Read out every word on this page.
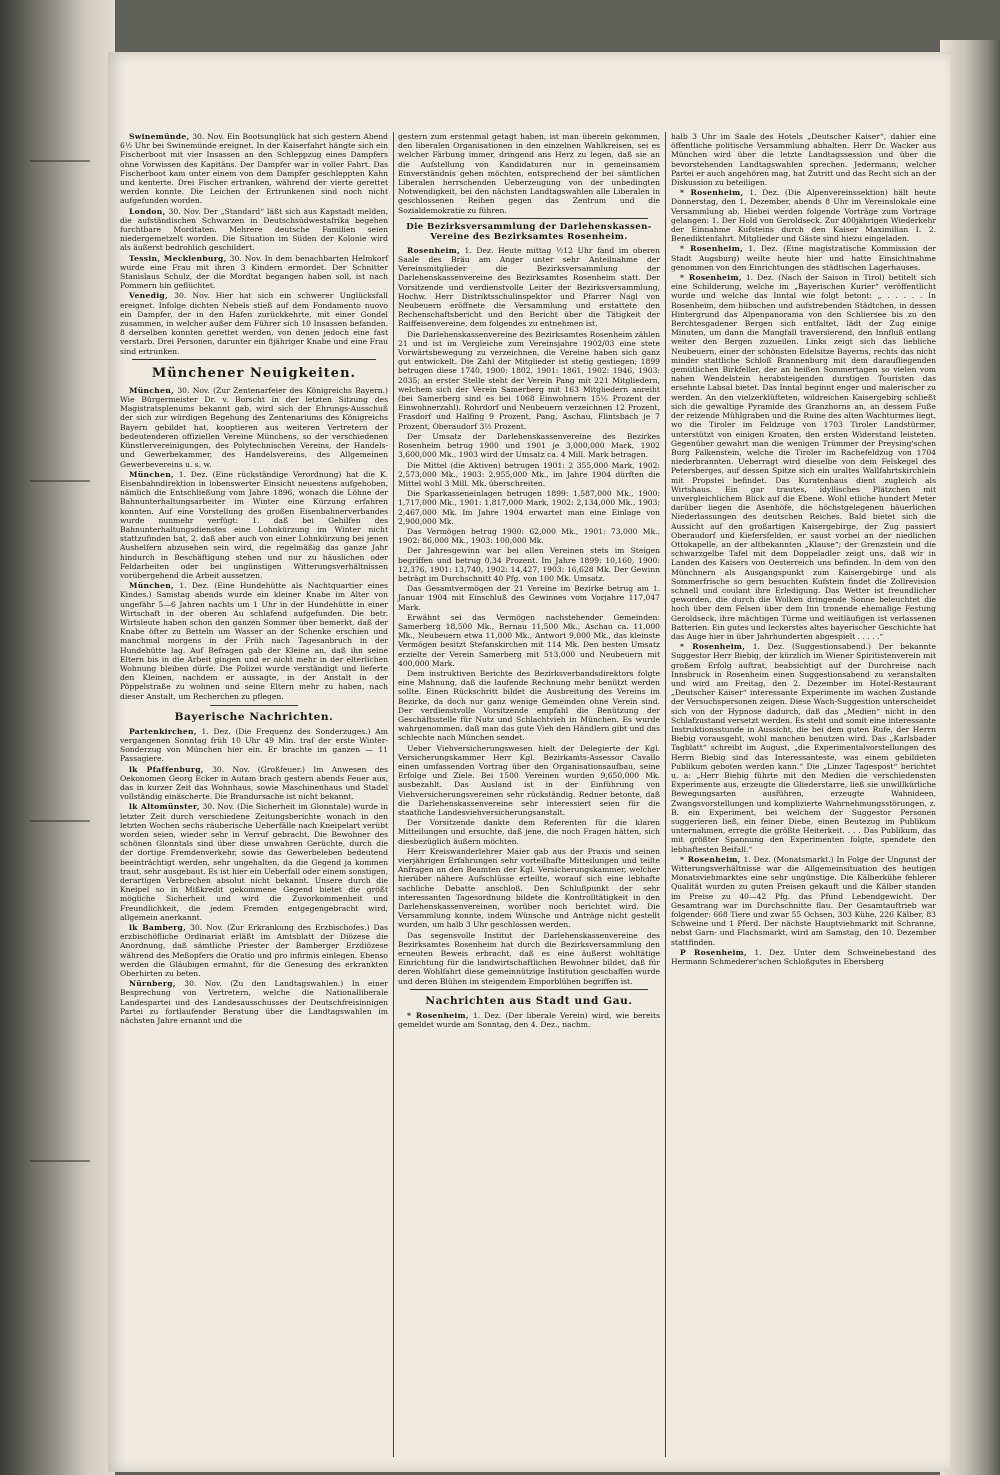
Swinemünde, 30. Nov. Ein Bootsunglück hat sich gestern Abend 6½ Uhr bei Swinemünde ereignet. In der Kaiserfahrt hängte sich ein Fischerboot mit vier Insassen an den Schleppzug eines Dampfers ohne Vorwissen des Kapitäns. Der Dampfer war in voller Fahrt. Das Fischerboot kam unter einem von dem Dampfer geschleppten Kahn und kenterte. Drei Fischer ertranken, während der vierte gerettet werden konnte. Die Leichen der Ertrunkenen sind noch nicht aufgefunden worden.

London, 30. Nov. Der „Standard“ läßt sich aus Kapstadt melden, die aufständischen Schwarzen in Deutschsüdwestafrika begehen furchtbare Mordtaten. Mehrere deutsche Familien seien niedergemetzelt worden. Die Situation im Süden der Kolonie wird als äußerst bedrohlich geschildert.

Tessin, Mecklenburg, 30. Nov. In dem benachbarten Helmkorf wurde eine Frau mit ihren 3 Kindern ermordet. Der Schnitter Stanislaus Schulz, der die Mordtat begangen haben soll, ist nach Pommern hin geflüchtet.

Venedig, 30. Nov. Hier hat sich ein schwerer Unglücksfall ereignet. Infolge dichten Nebels stieß auf dem Fondamento nuovo ein Dampfer, der in den Hafen zurückkehrte, mit einer Gondel zusammen, in welcher außer dem Führer sich 10 Insassen befanden. 8 derselben konnten gerettet werden, von denen jedoch eine fast verstarb. Drei Personen, darunter ein 8jähriger Knabe und eine Frau sind ertrunken.

Münchener Neuigkeiten.

München, 30. Nov. (Zur Zentenarfeier des Königreichs Bayern.) Wie Bürgermeister Dr. v. Borscht in der letzten Sitzung des Magistratsplenums bekannt gab, wird sich der Ehrungs-Ausschuß der sich zur würdigen Begehung des Zentenariums des Königreichs Bayern gebildet hat, kooptieren aus weiteren Vertretern der bedeutenderen offiziellen Vereine Münchens, so der verschiedenen Künstlervereinigungen, des Polytechnischen Vereins, der Handels- und Gewerbekammer, des Handelsvereins, des Allgemeinen Gewerbevereins u. s. w.

München, 1. Dez. (Eine rückständige Verordnung) hat die K. Eisenbahndirektion in lobenswerter Einsicht neuestens aufgehoben, nämlich die Entschließung vom Jahre 1896, wonach die Löhne der Bahnunterhaltungsarbeiter im Winter eine Kürzung erfahren konnten. Auf eine Vorstellung des großen Eisenbahnerverbandes wurde nunmehr verfügt: 1. daß bei Gehilfen des Bahnunterhaltungsdienstes eine Lohnkürzung im Winter nicht stattzufinden hat, 2. daß aber auch von einer Lohnkürzung bei jenen Aushelfern abzusehen sein wird, die regelmäßig das ganze Jahr hindurch in Beschäftigung stehen und nur zu häuslichen oder Feldarbeiten oder bei ungünstigen Witterungsverhältnissen vorübergehend die Arbeit aussetzen.

München, 1. Dez. (Eine Hundehütte als Nachtquartier eines Kindes.) Samstag abends wurde ein kleiner Knabe im Alter von ungefähr 5—6 Jahren nachts um 1 Uhr in der Hundehütte in einer Wirtschaft in der oberen Au schlafend aufgefunden. Die betr. Wirtsleute haben schon den ganzen Sommer über bemerkt, daß der Knabe öfter zu Betteln um Wasser an der Schenke erschien und manchmal morgens in der Früh nach Tagesanbruch in der Hundehütte lag. Auf Befragen gab der Kleine an, daß ihn seine Eltern bis in die Arbeit gingen und er nicht mehr in der elterlichen Wohnung bleiben dürfe. Die Polizei wurde verständigt und lieferte den Kleinen, nachdem er aussagte, in der Anstalt in der Pöppelstraße zu wohnen und seine Eltern mehr zu haben, nach dieser Anstalt, um Recherchen zu pflegen.

Bayerische Nachrichten.

Partenkirchen, 1. Dez. (Die Frequenz des Sonderzuges.) Am vergangenen Sonntag früh 10 Uhr 49 Min. traf der erste Winter-Sonderzug von München hier ein. Er brachte im ganzen — 11 Passagiere.

lk Pfaffenburg, 30. Nov. (Großfeuer.) Im Anwesen des Oekonomen Georg Ecker in Autam brach gestern abends Feuer aus, das in kurzer Zeit das Wohnhaus, sowie Maschinenhaus und Stadel vollständig einäscherte. Die Brandursache ist nicht bekannt.

lk Altomünster, 30. Nov. (Die Sicherheit im Glonntale) wurde in letzter Zeit durch verschiedene Zeitungsberichte wonach in den letzten Wochen sechs räuberische Ueberfälle nach Kneipelart verübt worden seien, wieder sehr in Verruf gebracht. Die Bewohner des schönen Glonntals sind über diese unwahren Gerüchte, durch die der dortige Fremdenverkehr, sowie das Gewerbeleben bedeutend beeinträchtigt werden, sehr ungehalten, da die Gegend ja kommen traut, sehr ausgebaut. Es ist hier ein Ueberfall oder einem sonstigen, derartigen Verbrechen absolut nicht bekannt. Unsere durch die Kneipel so in Mißkredit gekommene Gegend bietet die größt mögliche Sicherheit und wird die Zuvorkommenheit und Freundlichkeit, die jedem Fremden entgegengebracht wird, allgemein anerkannt.

lk Bamberg, 30. Nov. (Zur Erkrankung des Erzbischofes.) Das erzbischöfliche Ordinariat erläßt im Amtsblatt der Diözese die Anordnung, daß sämtliche Priester der Bamberger Erzdiözese während des Meßopfers die Oratio und pro infirmis einlegen. Ebenso werden die Gläubigen ermahnt, für die Genesung des erkrankten Oberhirten zu beten.

Nürnberg, 30. Nov. (Zu den Landtagswahlen.) In einer Besprechung von Vertretern, welche die Nationalliberale Landespartei und des Landesausschusses der Deutschfreisinnigen Partei zu fortlaufender Beratung über die Landtagswahlen im nächsten Jahre ernannt und die

gestern zum erstenmal getagt haben, ist man überein gekommen, den liberalen Organisationen in den einzelnen Wahlkreisen, sei es welcher Färbung immer, dringend ans Herz zu legen, daß sie an die Aufstellung von Kandidaturen nur in gemeinsamem Einverständnis gehen möchten, entsprechend der bei sämtlichen Liberalen herrschenden Ueberzeugung von der unbedingten Notwendigkeit, bei den nächsten Landtagswahlen alle Liberalen in geschlossenen Reihen gegen das Zentrum und die Sozialdemokratie zu führen.

Die Bezirksversammlung der Darlehenskassen-Vereine des Bezirksamtes Rosenheim.

Rosenheim, 1. Dez. Heute mittag ½12 Uhr fand im oberen Saale des Bräu am Anger unter sehr Anteilnahme der Vereinsmitglieder die Bezirksversammlung der Darlehenskassenvereine des Bezirksamtes Rosenheim statt. Der Vorsitzende und verdienstvolle Leiter der Bezirksversammlung, Hochw. Herr Distriktsschulinspektor und Pfarrer Nagl von Neubeuern eröffnete die Versammlung und erstattete den Rechenschaftsbericht und den Bericht über die Tätigkeit der Raiffeisenvereine, dem folgendes zu entnehmen ist.

Die Darlehenskassenvereine des Bezirksamtes Rosenheim zählen 21 und ist im Vergleiche zum Vereinsjahre 1902/03 eine stete Vorwärtsbewegung zu verzeichnen, die Vereine haben sich ganz gut entwickelt. Die Zahl der Mitglieder ist stetig gestiegen; 1899 betrugen diese 1740, 1900: 1802, 1901: 1861, 1902: 1946, 1903: 2035; an erster Stelle steht der Verein Pang mit 221 Mitgliedern, welchem sich der Verein Samerberg mit 163 Mitgliedern anreiht (bei Samerberg sind es bei 1068 Einwohnern 15⅕ Prozent der Einwohnerzahl). Rohrdorf und Neubeuern verzeichnen 12 Prozent, Frasdorf und Halfing 9 Prozent, Pang, Aschau, Flintsbach je 7 Prozent, Oberaudorf 3½ Prozent.

Der Umsatz der Darlehenskassenvereine des Bezirkes Rosenheim betrug 1900 und 1901 je 3,000,000 Mark, 1902 3,600,000 Mk., 1903 wird der Umsatz ca. 4 Mill. Mark betragen.

Die Mittel (die Aktiven) betrugen 1901: 2 355,000 Mark, 1902: 2,573,000 Mk., 1903: 2,955,000 Mk., im Jahre 1904 dürften die Mittel wohl 3 Mill. Mk. überschreiten.

Die Sparkasseneinlagen betrugen 1899: 1,587,000 Mk., 1900: 1,717,000 Mk., 1901: 1,817,000 Mark, 1902: 2,134,000 Mk., 1903: 2,467,000 Mk. Im Jahre 1904 erwartet man eine Einlage von 2,900,000 Mk.

Das Vermögen betrug 1900: 62,000 Mk., 1901: 73,000 Mk., 1902: 86,000 Mk., 1903: 100,000 Mk.

Der Jahresgewinn war bei allen Vereinen stets im Steigen begriffen und betrug 0,34 Prozent. Im Jahre 1899: 10,160, 1900: 12,376, 1901: 13,740, 1902: 14,427, 1903: 16,628 Mk. Der Gewinn beträgt im Durchschnitt 40 Pfg. von 100 Mk. Umsatz.

Das Gesamtvermögen der 21 Vereine im Bezirke betrug am 1. Januar 1904 mit Einschluß des Gewinnes vom Vorjahre 117,047 Mark.

Erwähnt sei das Vermögen nachstehender Gemeinden: Samerberg 18,500 Mk., Bernau 11,500 Mk., Aschau ca. 11,000 Mk., Neubeuern etwa 11,000 Mk., Antwort 9,000 Mk., das kleinste Vermögen besitzt Stefanskirchen mit 114 Mk. Den besten Umsatz erzielte der Verein Samerberg mit 513,000 und Neubeuern mit 400,000 Mark.

Dem instruktiven Berichte des Bezirksverbandsdirektors folgte eine Mahnung, daß die laufende Rechnung mehr benützt werden sollte. Einen Rückschritt bildet die Ausbreitung des Vereins im Bezirke, da doch nur ganz wenige Gemeinden ohne Verein sind. Der verdienstvolle Vorsitzende empfahl die Benützung der Geschäftsstelle für Nutz und Schlachtvieh in München. Es wurde wahrgenommen, daß man das gute Vieh den Händlern gibt und das schlechte nach München sendet.

Ueber Viehversicherungswesen hielt der Delegierte der Kgl. Versicherungskammer Herr Kgl. Bezirkamts-Assessor Cavallo einen umfassenden Vortrag über den Organisationsaufbau, seine Erfolge und Ziele. Bei 1500 Vereinen wurden 9,650,000 Mk. ausbezahlt. Das Ausland ist in der Einführung von Viehversicherungsvereinen sehr rückständig. Redner betonte, daß die Darlehenskassenvereine sehr interessiert seien für die staatliche Landesviehversicherungsanstalt.

Der Vorsitzende dankte dem Referenten für die klaren Mitteilungen und ersuchte, daß jene, die noch Fragen hätten, sich diesbezüglich äußern möchten.

Herr Kreiswanderlehrer Maier gab aus der Praxis und seinen vierjährigen Erfahrungen sehr vorteilhafte Mitteilungen und teilte Anfragen an den Beamten der Kgl. Versicherungskammer, welcher hierüber nähere Aufschlüsse erteilte, worauf sich eine lebhafte sachliche Debatte anschloß. Den Schlußpunkt der sehr interessanten Tagesordnung bildete die Kontrolltätigkeit in den Darlehenskassenvereinen, worüber noch berichtet wird. Die Versammlung konnte, indem Wünsche und Anträge nicht gestellt wurden, um halb 3 Uhr geschlossen werden.

Das segensvolle Institut der Darlehenskassenvereine des Bezirksamtes Rosenheim hat durch die Bezirksversammlung den erneuten Beweis erbracht, daß es eine äußerst wohltätige Einrichtung für die landwirtschaftlichen Bewohner bildet, daß für deren Wohlfahrt diese gemeinnützige Institution geschaffen wurde und deren Blühen im steigendem Emporblühen begriffen ist.

Nachrichten aus Stadt und Gau.

* Rosenheim, 1. Dez. (Der liberale Verein) wird, wie bereits gemeldet wurde am Sonntag, den 4. Dez., nachm.

halb 3 Uhr im Saale des Hotels „Deutscher Kaiser“, dahier eine öffentliche politische Versammlung abhalten. Herr Dr. Wacker aus München wird über die letzte Landtagssession und über die bevorstehenden Landtagswahlen sprechen. Jedermann, welcher Partei er auch angehören mag, hat Zutritt und das Recht sich an der Diskussion zu beteiligen.

* Rosenheim, 1. Dez. (Die Alpenvereinssektion) hält heute Donnerstag, den 1. Dezember, abends 8 Uhr im Vereinslokale eine Versammlung ab. Hiebei werden folgende Vorträge zum Vortrage gelangen: 1. Der Hold von Geroldseck. Zur 400jährigen Wiederkehr der Einnahme Kufsteins durch den Kaiser Maximilian I. 2. Benediktenfahrt. Mitglieder und Gäste sind hiezu eingeladen.

* Rosenheim, 1. Dez. (Eine magistratische Kommission der Stadt Augsburg) weilte heute hier und hatte Einsichtnahme genommen von den Einrichtungen des städtischen Lagerhauses.

* Rosenheim, 1. Dez. (Nach der Saison in Tirol) betitelt sich eine Schilderung, welche im „Bayerischen Kurier“ veröffentlicht wurde und welche das Inntal wie folgt betont: „ . . . . . In Rosenheim, dem hübschen und aufstrebenden Städtchen, in dessen Hintergrund das Alpenpanorama von den Schliersee bis zu den Berchtesgadener Bergen sich entfaltet, lädt der Zug einige Minuten, um dann die Mangfall traversierend, den Innfluß entlang weiter den Bergen zuzueilen. Links zeigt sich das liebliche Neubeuern, einer der schönsten Edelsitze Bayerns, rechts das nicht minder stattliche Schloß Brannenburg mit dem daraufliegenden gemütlichen Birkfeller, der an heißen Sommertagen so vielen vom nahen Wendelstein herabsteigenden durstigen Touristen das ersehnte Labsal bietet. Das Inntal beginnt enger und malerischer zu werden. An den vielzerklüfteten, wildreichen Kaisergebirg schließt sich die gewaltige Pyramide des Granzhorns an, an dessem Fuße der reizende Mühlgraben und die Ruine des alten Wachturmes liegt, wo die Tiroler im Feldzuge von 1703 Tiroler Landstürmer, unterstützt von einigen Kroaten, den ersten Widerstand leisteten. Gegenüber gewahrt man die wenigen Trümmer der Preysing'schen Burg Falkenstein, welche die Tiroler im Rachefeldzug von 1704 niederbrannten. Ueberragt wird dieselbe von dem Felskegel des Petersberges, auf dessen Spitze sich ein uraltes Wallfahrtskirchlein mit Propstei befindet. Das Kuratenhaus dient zugleich als Wirtshaus. Ein gar trautes, idyllisches Plätzchen mit unvergleichlichem Blick auf die Ebene. Wohl etliche hundert Meter darüber liegen die Asenhöfe, die höchstgelegenen bäuerlichen Niederlassungen des deutschen Reiches. Bald bietet sich die Aussicht auf den großartigen Kaisergebirge, der Zug passiert Oberaudorf und Kiefersfelden, er saust vorbei an der niedlichen Ottokapelle, an der altbekannten „Klause“; der Grenzstein und die schwarzgelbe Tafel mit dem Doppeladler zeigt uns, daß wir in Landen des Kaisers von Oesterreich uns befinden. In dem von den Münchnern als Ausgangspunkt zum Kaisergebirge und als Sommerfrische so gern besuchten Kufstein findet die Zollrevision schnell und coulant ihre Erledigung. Das Wetter ist freundlicher geworden, die durch die Wolken dringende Sonne beleuchtet die hoch über dem Felsen über dem Inn tronende ehemalige Festung Geroldseck, ihre mächtigen Türme und weitläufigen ist verlassenen Batterien. Ein gutes und leckerstes altes bayerischer Geschichte hat das Auge hier in über Jahrhunderten abgespielt . . . . .“

* Rosenheim, 1. Dez. (Suggestionsabend.) Der bekannte Suggestor Herr Biebig, der kürzlich im Wiener Spiritistenverein mit großem Erfolg auftrat, beabsichtigt auf der Durchreise nach Innsbruck in Rosenheim einen Suggestionsabend zu veranstalten und wird am Freitag, den 2. Dezember im Hotel-Restaurant „Deutscher Kaiser“ interessante Experimente im wachen Zustande der Versuchspersonen zeigen. Diese Wach-Suggestion unterscheidet sich von der Hypnose dadurch, daß das „Medien“ nicht in den Schlafzustand versetzt werden. Es steht und somit eine interessante Instruktionsstunde in Aussicht, die bei dem guten Rufe, der Herrn Biebig vorausgeht, wohl manchen benutzen wird. Das „Karlsbader Tagblatt“ schreibt im August, „die Experimentalvorstellungen des Herrn Biebig sind das Interessanteste, was einem gebildeten Publikum geboten werden kann.“ Die „Linzer Tagespost“ berichtet u. a: „Herr Biebig führte mit den Medien die verschiedensten Experimente aus, erzeugte die Gliederstarre, ließ sie unwillkürliche Bewegungsarten ausführen, erzeugte Wahnideen, Zwangsvorstellungen und komplizierte Wahrnehmungsstörungen, z. B. ein Experiment, bei welchem der Suggestor Personen suggerieren ließ, ein feiner Diebe, einen Beutezug im Publikum unternahmen, erregte die größte Heiterkeit. . . . Das Publikum, das mit größter Spannung den Experimenten folgte, spendete den lebhaftesten Beifall.“

* Rosenheim, 1. Dez. (Monatsmarkt.) In Folge der Ungunst der Witterungsverhältnisse war die Allgemeinsituation des heutigen Monatsviehmarktes eine sehr ungünstige. Die Kälberkühe fehlerer Qualität wurden zu guten Preisen gekauft und die Kälber standen im Preise zu 40—42 Pfg. das Pfund Lebendgewicht. Der Gesamtrang war im Durchschnitte flau. Der Gesamtauftrieb war folgender: 668 Tiere und zwar 55 Ochsen, 303 Kühe, 226 Kälber, 83 Schweine und 1 Pferd. Der nächste Hauptviehmarkt mit Schranne, nebst Garn- und Flachsmarkt, wird am Samstag, den 10. Dezember stattfinden.

P Rosenheim, 1. Dez. Unter dem Schweinebestand des Hermann Schmederer'schen Schloßgutes in Ebersberg
